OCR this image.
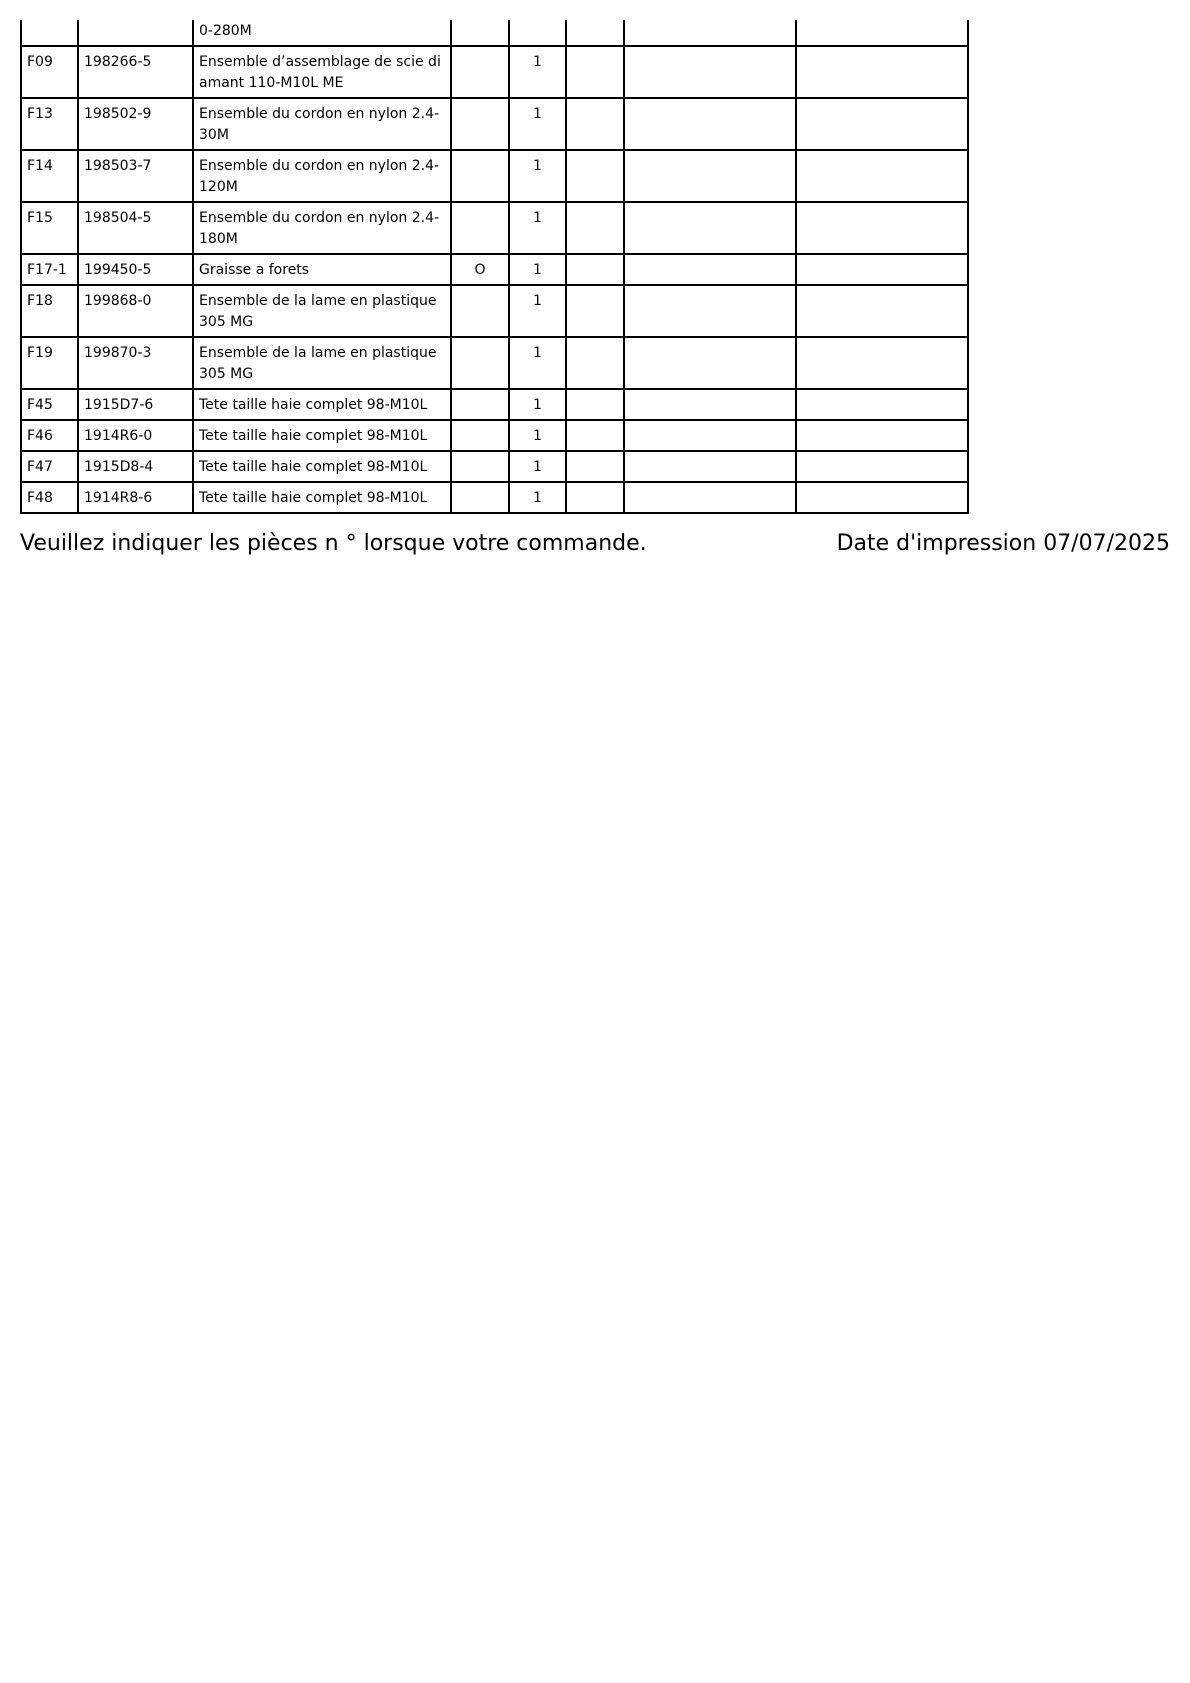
		0-280M					
F09	198266-5	Ensemble d’assemblage de scie diamant 110-M10L ME		1			
F13	198502-9	Ensemble du cordon en nylon 2.4-30M		1			
F14	198503-7	Ensemble du cordon en nylon 2.4-120M		1			
F15	198504-5	Ensemble du cordon en nylon 2.4-180M		1			
F17-1	199450-5	Graisse a forets	O	1			
F18	199868-0	Ensemble de la lame en plastique 305 MG		1			
F19	199870-3	Ensemble de la lame en plastique 305 MG		1			
F45	1915D7-6	Tete taille haie complet 98-M10L		1			
F46	1914R6-0	Tete taille haie complet 98-M10L		1			
F47	1915D8-4	Tete taille haie complet 98-M10L		1			
F48	1914R8-6	Tete taille haie complet 98-M10L		1			
Veuillez indiquer les pièces n ° lorsque votre commande.	Date d'impression 07/07/2025
